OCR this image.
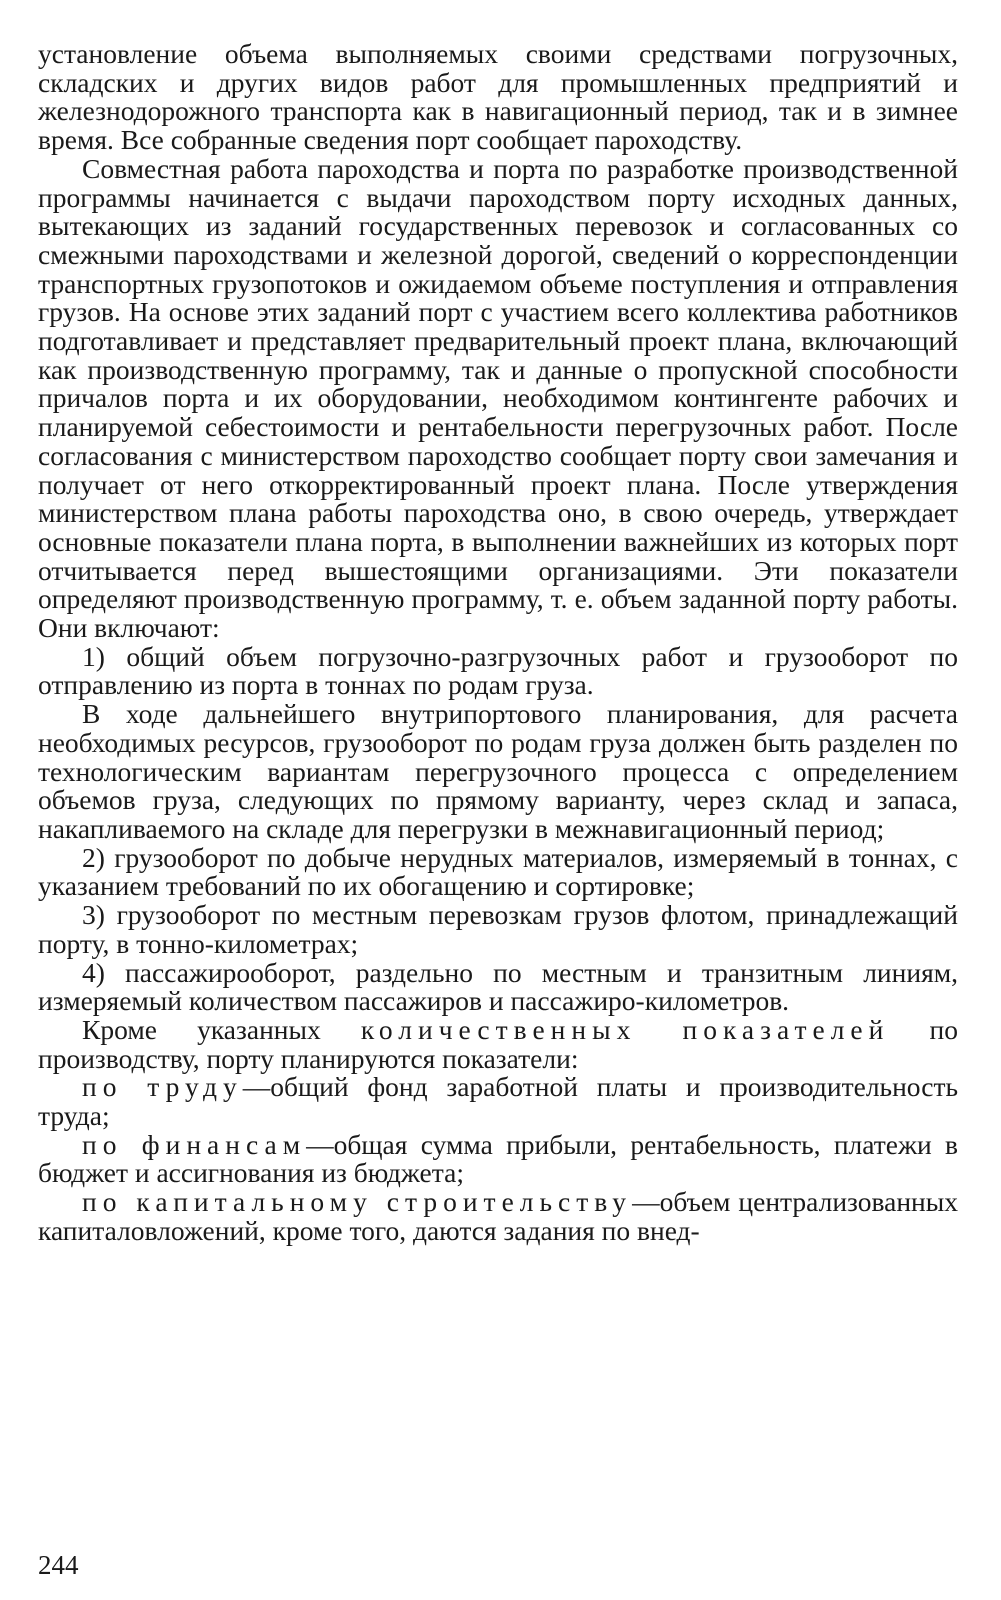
установление объема выполняемых своими средствами погрузочных, складских и других видов работ для промышленных предприятий и железнодорожного транспорта как в навигационный период, так и в зимнее время. Все собранные сведения порт сообщает пароходству.

Совместная работа пароходства и порта по разработке производственной программы начинается с выдачи пароходством порту исходных данных, вытекающих из заданий государственных перевозок и согласованных со смежными пароходствами и железной дорогой, сведений о корреспонденции транспортных грузопотоков и ожидаемом объеме поступления и отправления грузов. На основе этих заданий порт с участием всего коллектива работников подготавливает и представляет предварительный проект плана, включающий как производственную программу, так и данные о пропускной способности причалов порта и их оборудовании, необходимом контингенте рабочих и планируемой себестоимости и рентабельности перегрузочных работ. После согласования с министерством пароходство сообщает порту свои замечания и получает от него откорректированный проект плана. После утверждения министерством плана работы пароходства оно, в свою очередь, утверждает основные показатели плана порта, в выполнении важнейших из которых порт отчитывается перед вышестоящими организациями. Эти показатели определяют производственную программу, т. е. объем заданной порту работы. Они включают:

1) общий объем погрузочно-разгрузочных работ и грузооборот по отправлению из порта в тоннах по родам груза.

В ходе дальнейшего внутрипортового планирования, для расчета необходимых ресурсов, грузооборот по родам груза должен быть разделен по технологическим вариантам перегрузочного процесса с определением объемов груза, следующих по прямому варианту, через склад и запаса, накапливаемого на складе для перегрузки в межнавигационный период;

2) грузооборот по добыче нерудных материалов, измеряемый в тоннах, с указанием требований по их обогащению и сортировке;

3) грузооборот по местным перевозкам грузов флотом, принадлежащий порту, в тонно-километрах;

4) пассажирооборот, раздельно по местным и транзитным линиям, измеряемый количеством пассажиров и пассажиро-километров.

Кроме указанных количественных показателей по производству, порту планируются показатели:

по труду—общий фонд заработной платы и производительность труда;

по финансам—общая сумма прибыли, рентабельность, платежи в бюджет и ассигнования из бюджета;

по капитальному строительству—объем централизованных капиталовложений, кроме того, даются задания по внед-

244
